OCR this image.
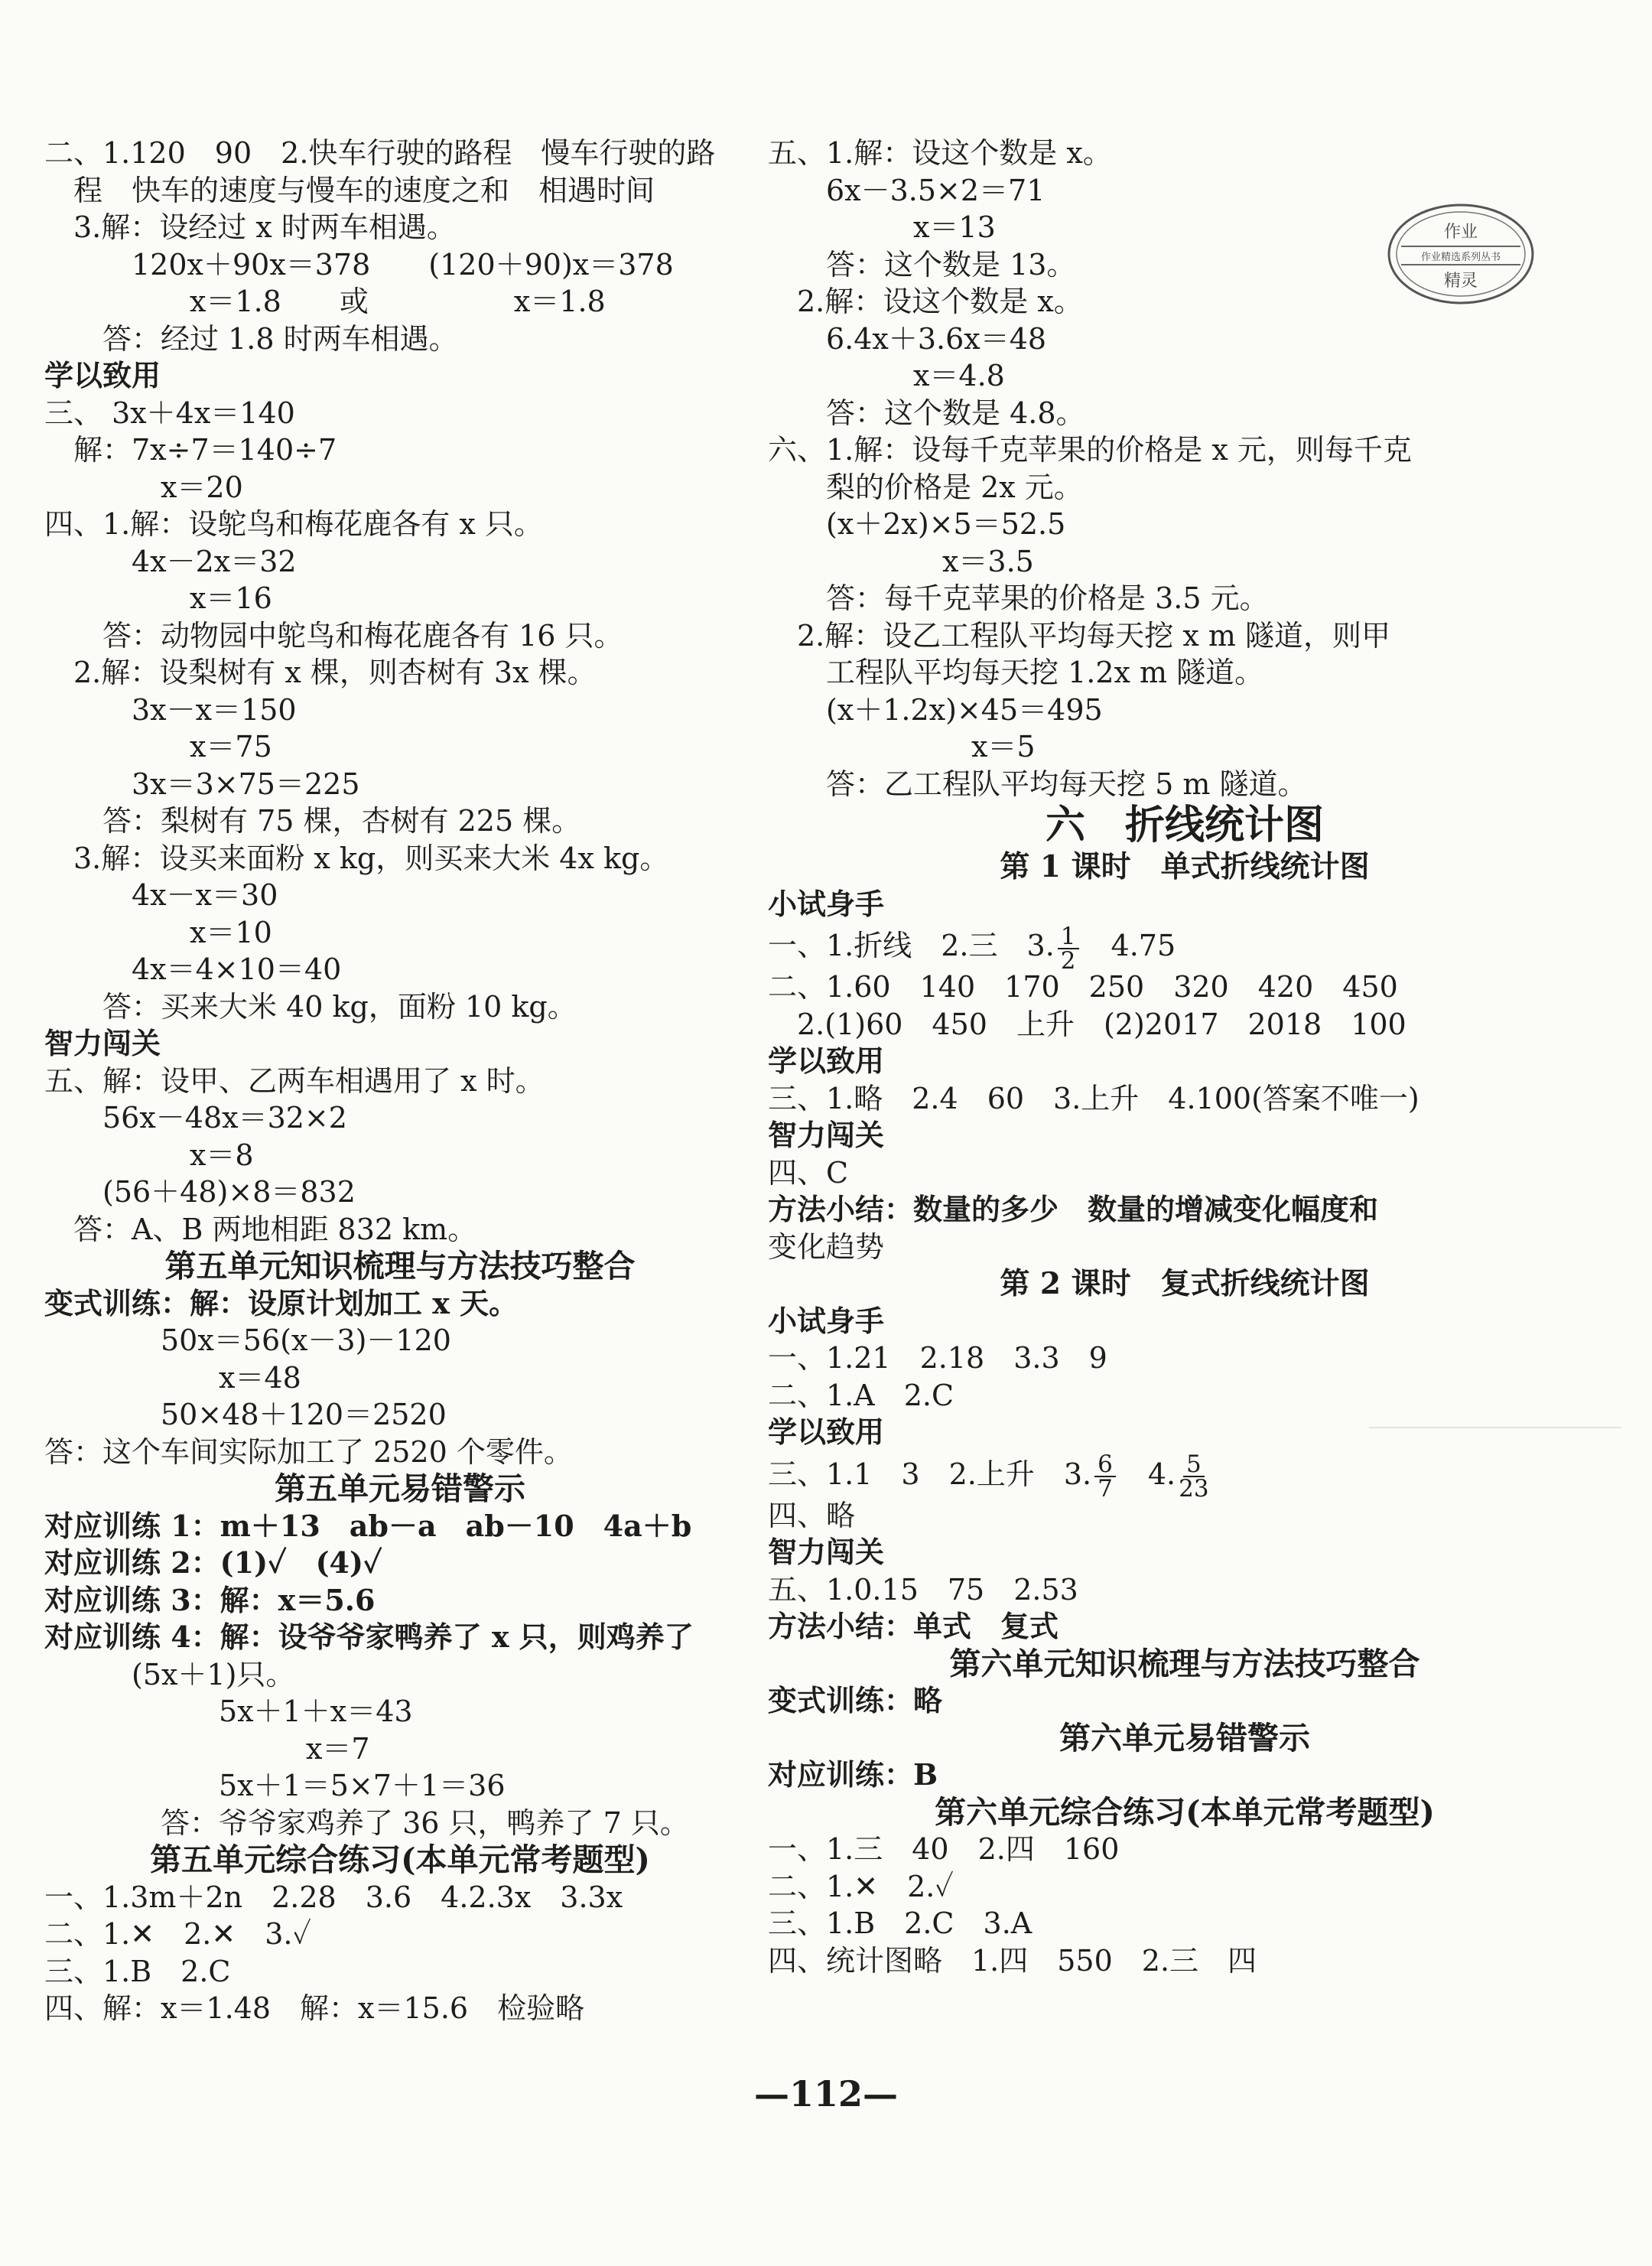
二、1.120　90　2.快车行驶的路程　慢车行驶的路
　程　快车的速度与慢车的速度之和　相遇时间
　3.解：设经过 x 时两车相遇。
　　　120x＋90x＝378　　(120＋90)x＝378
　　　　　x＝1.8　　或　　　　　x＝1.8
　　答：经过 1.8 时两车相遇。
学以致用
三、 3x＋4x＝140
　解：7x÷7＝140÷7
　　　　x＝20
四、1.解：设鸵鸟和梅花鹿各有 x 只。
　　　4x－2x＝32
　　　　　x＝16
　　答：动物园中鸵鸟和梅花鹿各有 16 只。
　2.解：设梨树有 x 棵，则杏树有 3x 棵。
　　　3x－x＝150
　　　　　x＝75
　　　3x＝3×75＝225
　　答：梨树有 75 棵，杏树有 225 棵。
　3.解：设买来面粉 x kg，则买来大米 4x kg。
　　　4x－x＝30
　　　　　x＝10
　　　4x＝4×10＝40
　　答：买来大米 40 kg，面粉 10 kg。
智力闯关
五、解：设甲、乙两车相遇用了 x 时。
　　56x－48x＝32×2
　　　　　x＝8
　　(56＋48)×8＝832
　答：A、B 两地相距 832 km。
第五单元知识梳理与方法技巧整合
变式训练：解：设原计划加工 x 天。
　　　　50x＝56(x－3)－120
　　　　　　x＝48
　　　　50×48＋120＝2520
答：这个车间实际加工了 2520 个零件。
第五单元易错警示
对应训练 1：m＋13　ab－a　ab－10　4a＋b
对应训练 2：(1)✓　(4)✓
对应训练 3：解：x＝5.6
对应训练 4：解：设爷爷家鸭养了 x 只，则鸡养了
　　　(5x＋1)只。
　　　　　　5x＋1＋x＝43
　　　　　　　　　x＝7
　　　　　　5x＋1＝5×7＋1＝36
　　　　答：爷爷家鸡养了 36 只，鸭养了 7 只。
第五单元综合练习(本单元常考题型)
一、1.3m＋2n　2.28　3.6　4.2.3x　3.3x
二、1.✕　2.✕　3.✓
三、1.B　2.C
四、解：x＝1.48　解：x＝15.6　检验略
五、1.解：设这个数是 x。
　　6x－3.5×2＝71
　　　　　x＝13
　　答：这个数是 13。
　2.解：设这个数是 x。
　　6.4x＋3.6x＝48
　　　　　x＝4.8
　　答：这个数是 4.8。
六、1.解：设每千克苹果的价格是 x 元，则每千克
　　梨的价格是 2x 元。
　　(x＋2x)×5＝52.5
　　　　　　x＝3.5
　　答：每千克苹果的价格是 3.5 元。
　2.解：设乙工程队平均每天挖 x m 隧道，则甲
　　工程队平均每天挖 1.2x m 隧道。
　　(x＋1.2x)×45＝495
　　　　　　　x＝5
　　答：乙工程队平均每天挖 5 m 隧道。
六　折线统计图
第 1 课时　单式折线统计图
小试身手
一、1.折线　2.三　3. $\frac{1}{2}$ 　4.75
二、1.60　140　170　250　320　420　450
　2.(1)60　450　上升　(2)2017　2018　100
学以致用
三、1.略　2.4　60　3.上升　4.100(答案不唯一)
智力闯关
四、C
方法小结：数量的多少　数量的增减变化幅度和
变化趋势
第 2 课时　复式折线统计图
小试身手
一、1.21　2.18　3.3　9
二、1.A　2.C
学以致用
三、1.1　3　2.上升　3. $\frac{6}{7}$ 　4. $\frac{5}{23}$
四、略
智力闯关
五、1.0.15　75　2.53
方法小结：单式　复式
第六单元知识梳理与方法技巧整合
变式训练：略
第六单元易错警示
对应训练：B
第六单元综合练习(本单元常考题型)
一、1.三　40　2.四　160
二、1.✕　2.✓
三、1.B　2.C　3.A
四、统计图略　1.四　550　2.三　四
作业
作业精选系列丛书
精灵
—112—
